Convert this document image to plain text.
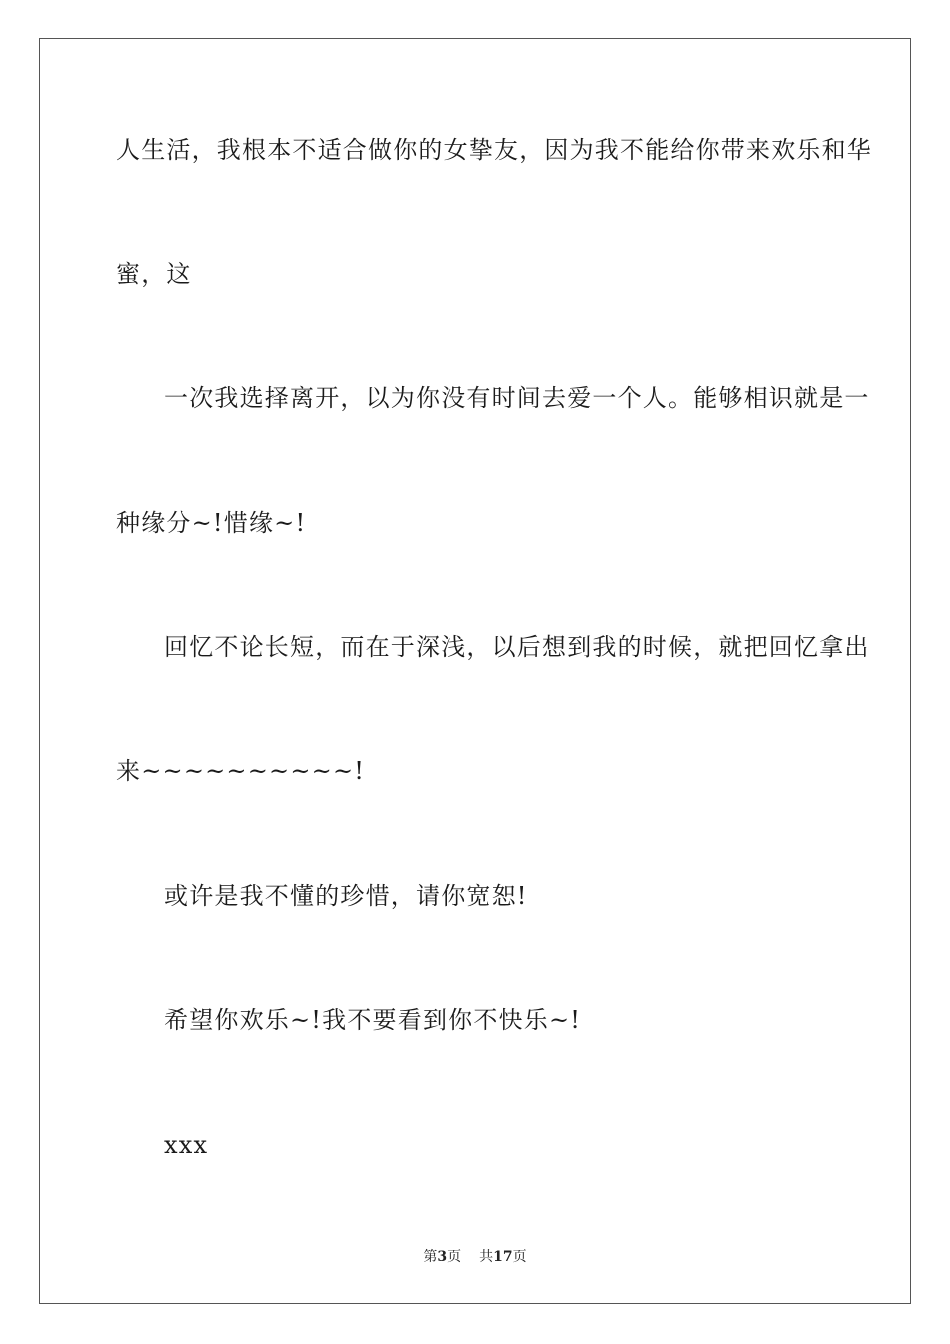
人生活，我根本不适合做你的女挚友，因为我不能给你带来欢乐和华
蜜，这
一次我选择离开，以为你没有时间去爱一个人。能够相识就是一
种缘分~!惜缘~!
回忆不论长短，而在于深浅，以后想到我的时候，就把回忆拿出
来~~~~~~~~~~!
或许是我不懂的珍惜，请你宽恕!
希望你欢乐~!我不要看到你不快乐~!
xxx
第3页 共17页
